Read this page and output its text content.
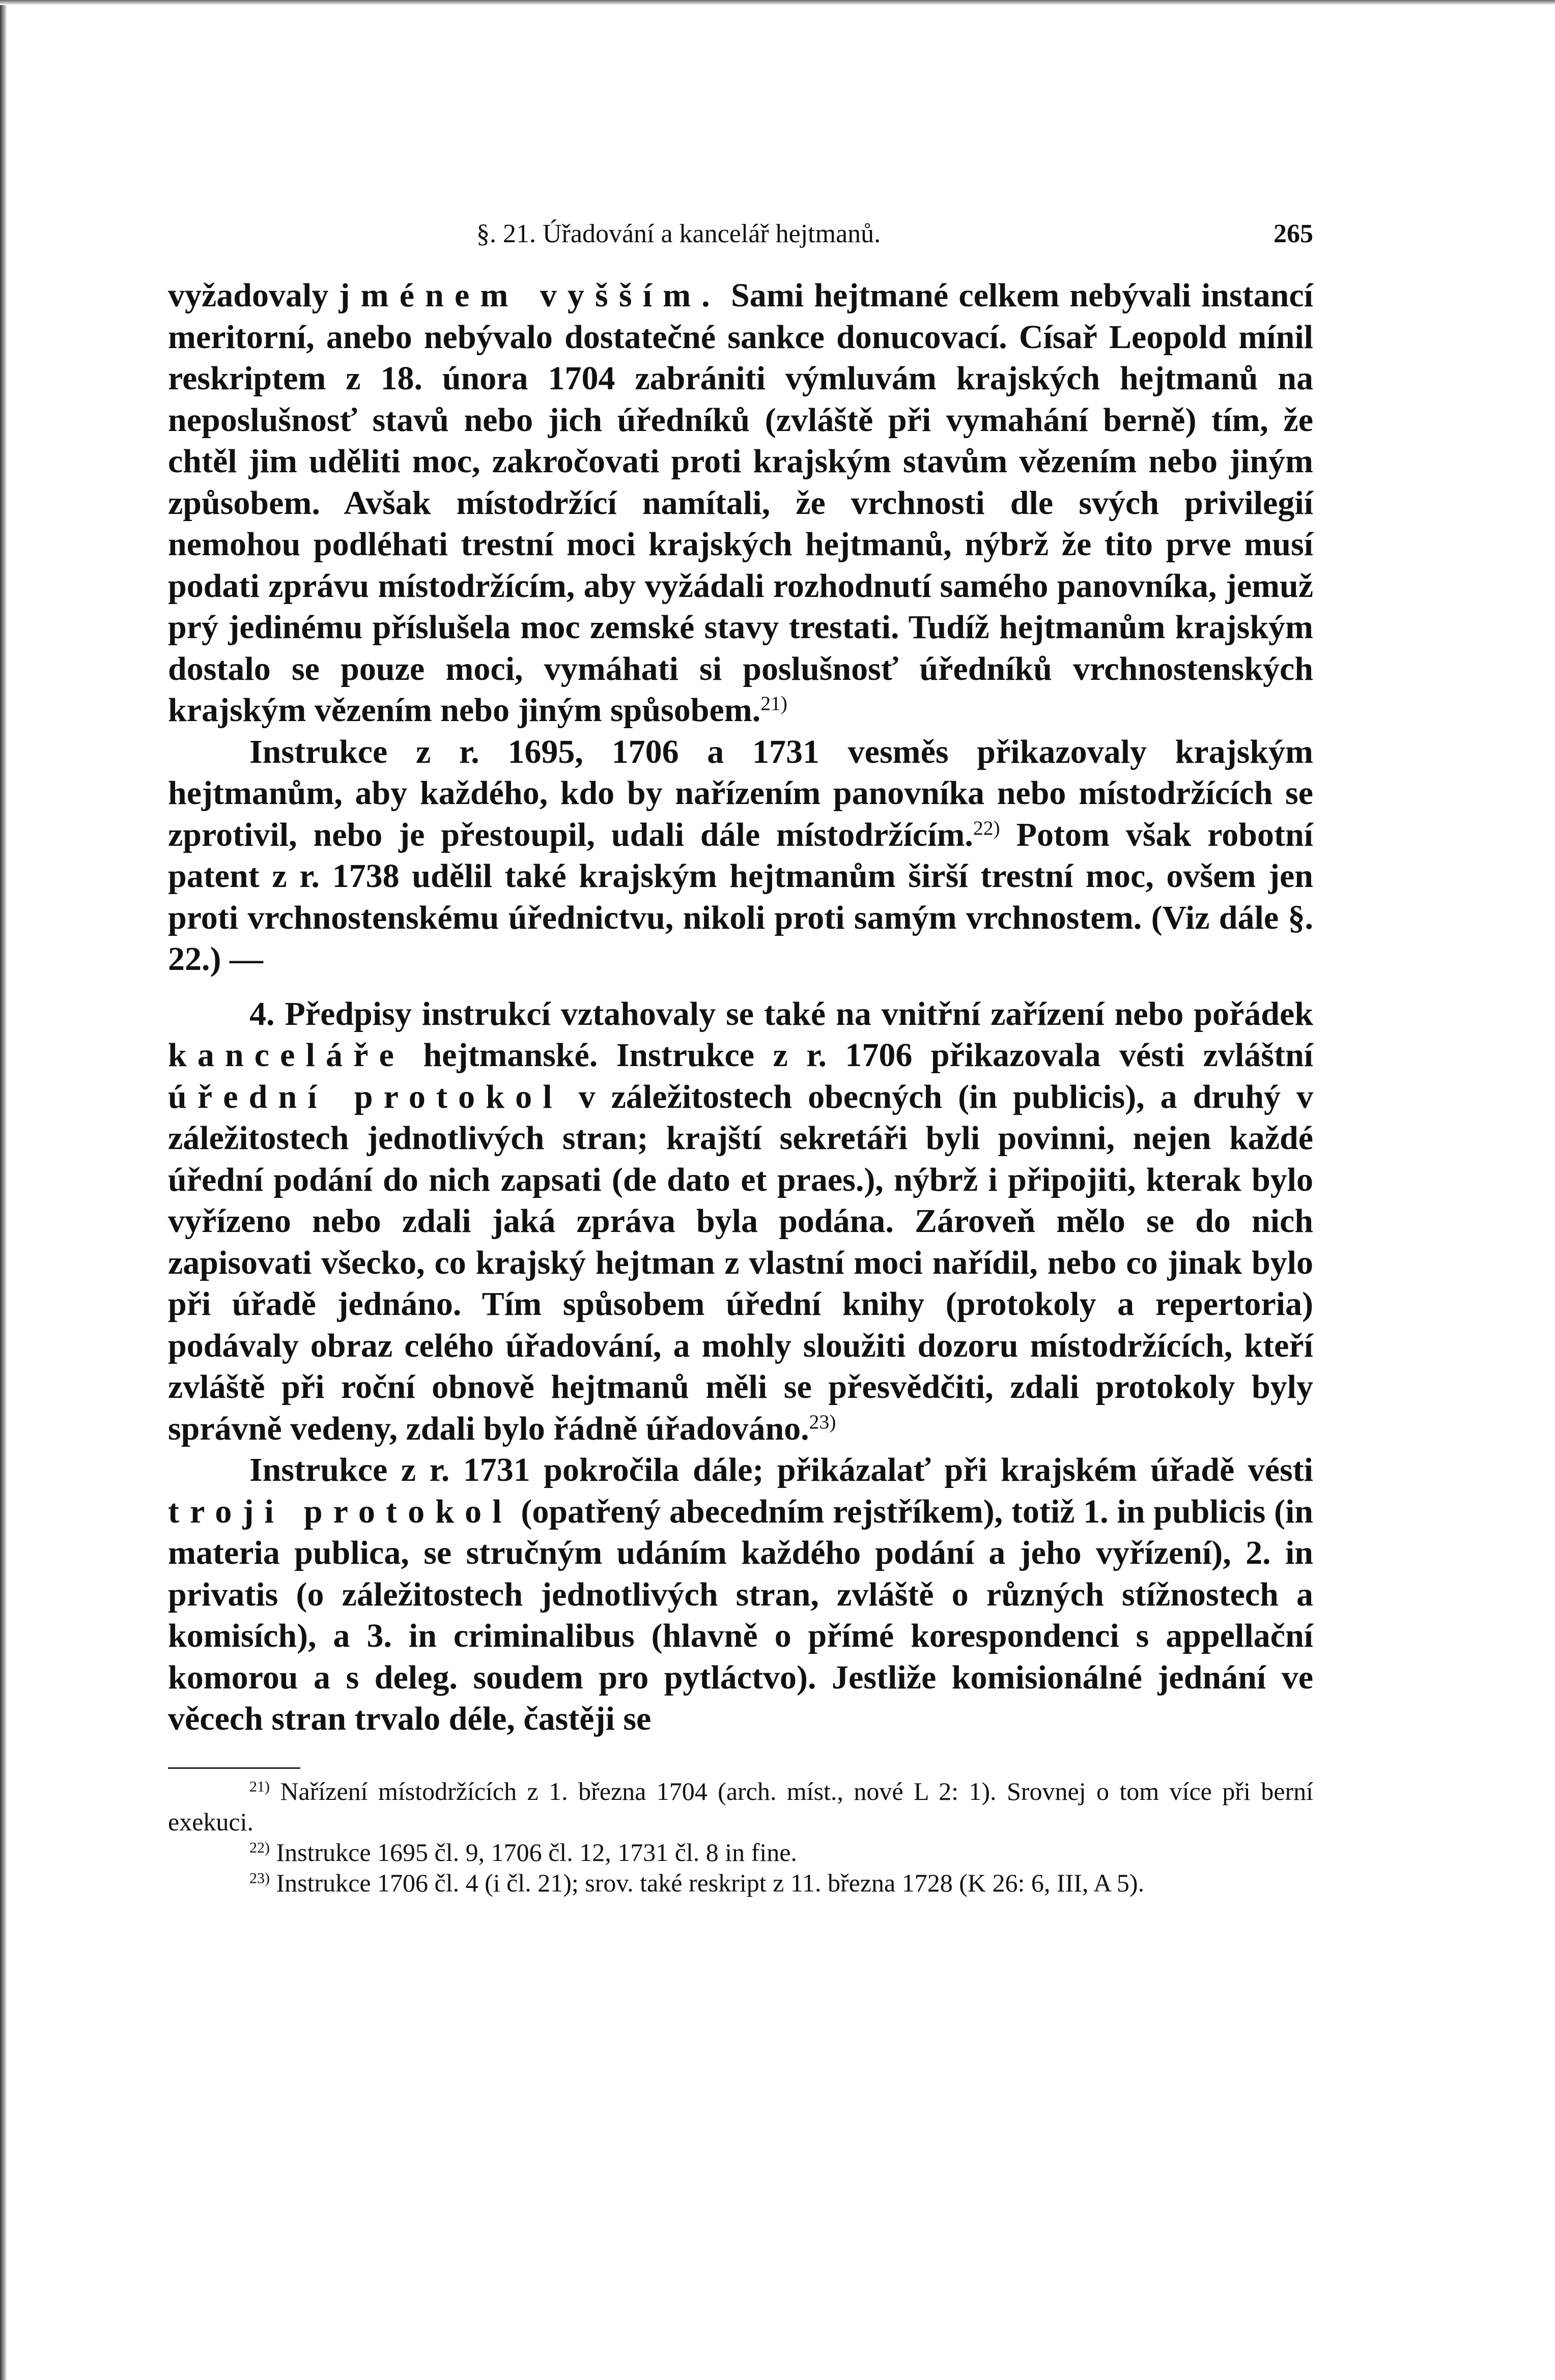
§. 21. Úřadování a kancelář hejtmanů.	265

vyžadovaly jménem vyšším. Sami hejtmané celkem nebývali instancí meritorní, anebo nebývalo dostatečné sankce donucovací. Císař Leopold mínil reskriptem z 18. února 1704 zabrániti výmluvám krajských hejtmanů na neposlušnosť stavů nebo jich úředníků (zvláště při vymahání berně) tím, že chtěl jim uděliti moc, zakročovati proti krajským stavům vězením nebo jiným způsobem. Avšak místodržící namítali, že vrchnosti dle svých privilegií nemohou podléhati trestní moci krajských hejtmanů, nýbrž že tito prve musí podati zprávu místodržícím, aby vyžádali rozhodnutí samého panovníka, jemuž prý jedinému příslušela moc zemské stavy trestati. Tudíž hejtmanům krajským dostalo se pouze moci, vymáhati si poslušnosť úředníků vrchnostenských krajským vězením nebo jiným spůsobem.$^{21)}$

Instrukce z r. 1695, 1706 a 1731 vesměs přikazovaly krajským hejtmanům, aby každého, kdo by nařízením panovníka nebo místodržících se zprotivil, nebo je přestoupil, udali dále místodržícím.$^{22)}$ Potom však robotní patent z r. 1738 udělil také krajským hejtmanům širší trestní moc, ovšem jen proti vrchnostenskému úřednictvu, nikoli proti samým vrchnostem. (Viz dále §. 22.) —

4. Předpisy instrukcí vztahovaly se také na vnitřní zařízení nebo pořádek kanceláře hejtmanské. Instrukce z r. 1706 přikazovala vésti zvláštní úřední protokol v záležitostech obecných (in publicis), a druhý v záležitostech jednotlivých stran; krajští sekretáři byli povinni, nejen každé úřední podání do nich zapsati (de dato et praes.), nýbrž i připojiti, kterak bylo vyřízeno nebo zdali jaká zpráva byla podána. Zároveň mělo se do nich zapisovati všecko, co krajský hejtman z vlastní moci nařídil, nebo co jinak bylo při úřadě jednáno. Tím spůsobem úřední knihy (protokoly a repertoria) podávaly obraz celého úřadování, a mohly sloužiti dozoru místodržících, kteří zvláště při roční obnově hejtmanů měli se přesvědčiti, zdali protokoly byly správně vedeny, zdali bylo řádně úřadováno.$^{23)}$

Instrukce z r. 1731 pokročila dále; přikázalať při krajském úřadě vésti troji protokol (opatřený abecedním rejstříkem), totiž 1. in publicis (in materia publica, se stručným udáním každého podání a jeho vyřízení), 2. in privatis (o záležitostech jednotlivých stran, zvláště o různých stížnostech a komisích), a 3. in criminalibus (hlavně o přímé korespondenci s appellační komorou a s deleg. soudem pro pytláctvo). Jestliže komisionálné jednání ve věcech stran trvalo déle, častěji se

$^{21)}$ Nařízení místodržících z 1. března 1704 (arch. míst., nové L 2: 1). Srovnej o tom více při berní exekuci.

$^{22)}$ Instrukce 1695 čl. 9, 1706 čl. 12, 1731 čl. 8 in fine.

$^{23)}$ Instrukce 1706 čl. 4 (i čl. 21); srov. také reskript z 11. března 1728 (K 26: 6, III, A 5).
